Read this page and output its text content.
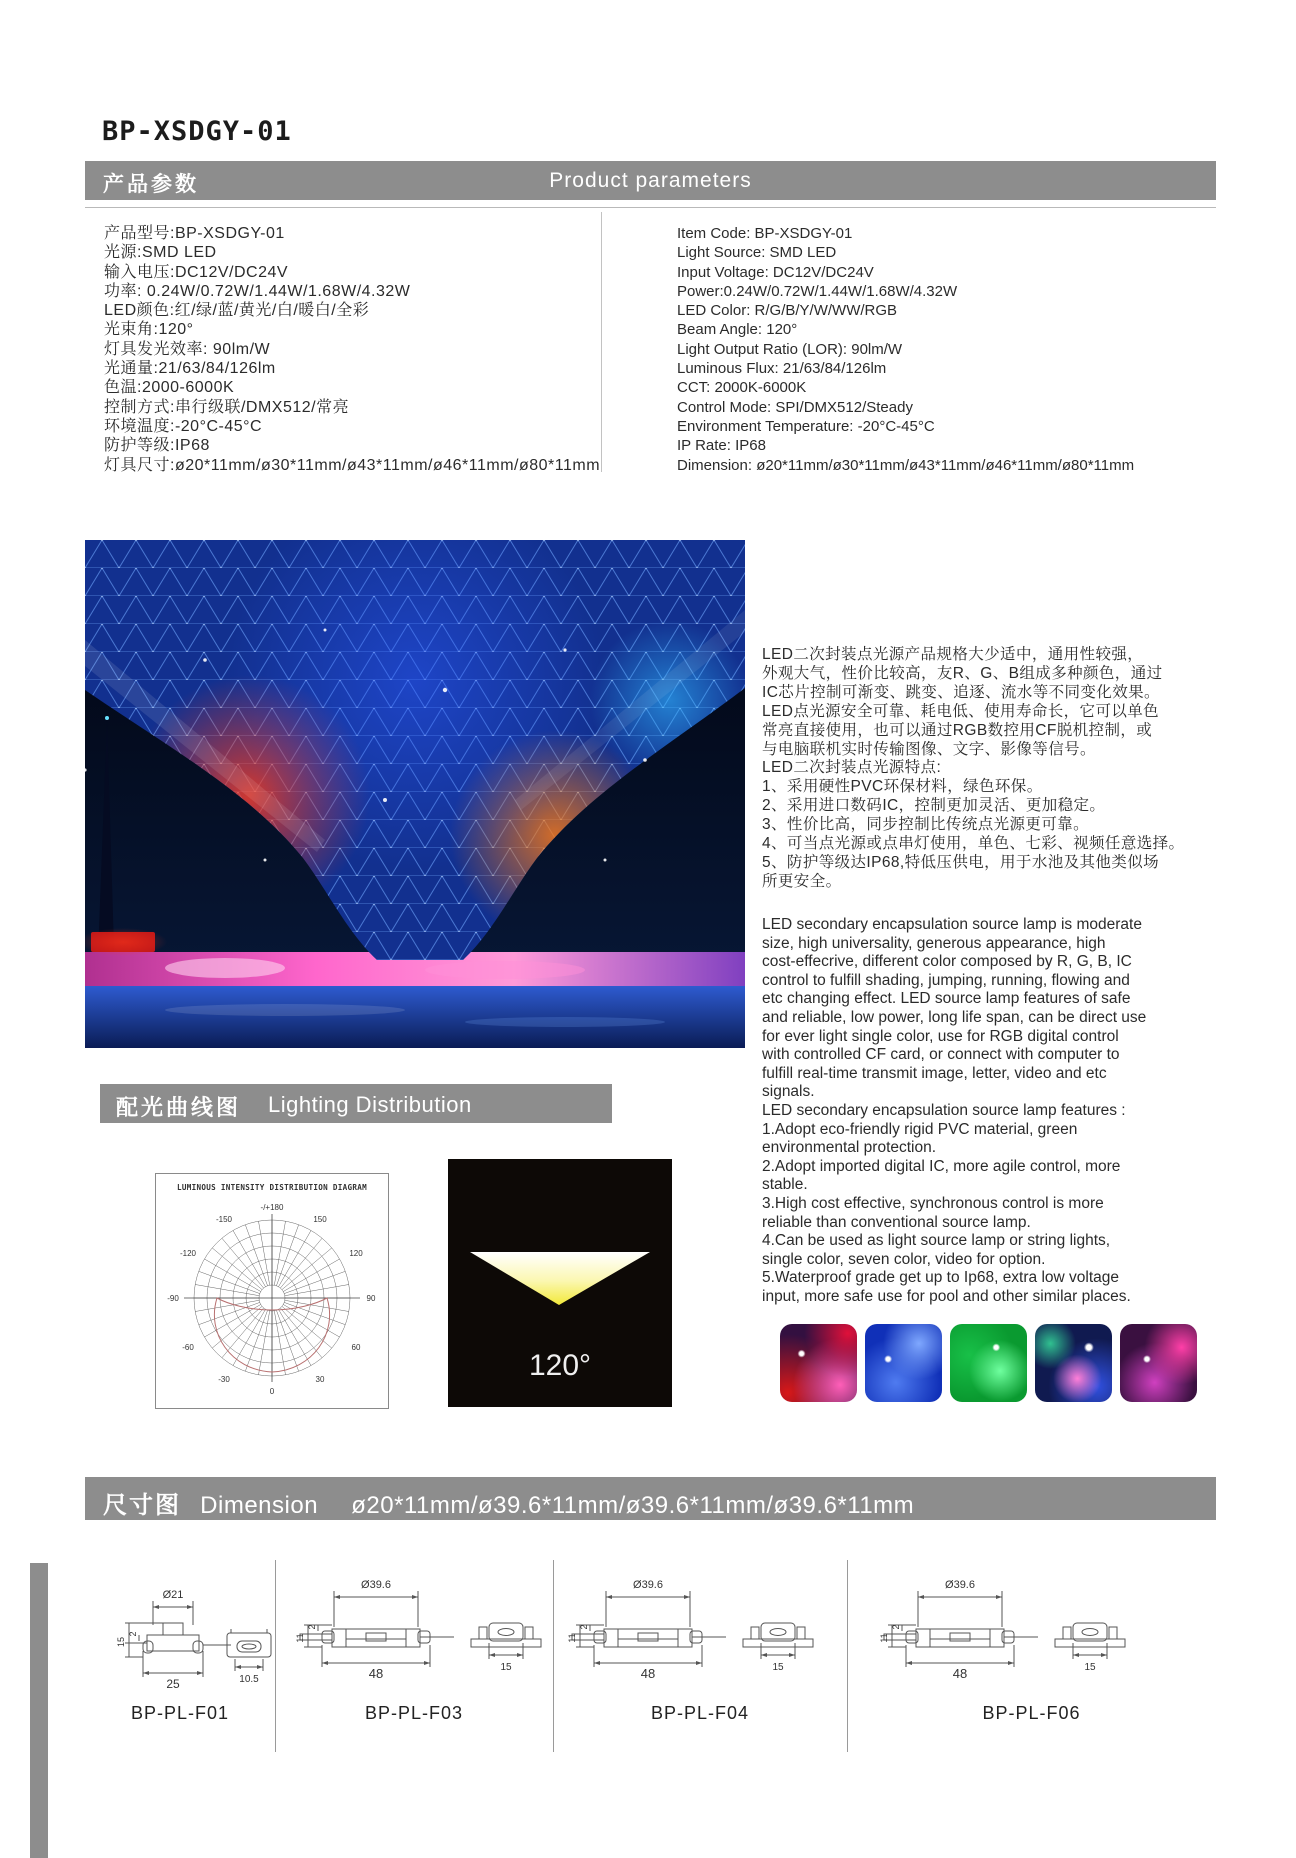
BP-XSDGY-01
产品参数	Product parameters
产品型号:BP-XSDGY-01
光源:SMD LED
输入电压:DC12V/DC24V
功率: 0.24W/0.72W/1.44W/1.68W/4.32W
LED颜色:红/绿/蓝/黄光/白/暖白/全彩
光束角:120°
灯具发光效率: 90lm/W
光通量:21/63/84/126lm
色温:2000-6000K
控制方式:串行级联/DMX512/常亮
环境温度:-20°C-45°C
防护等级:IP68
灯具尺寸:ø20*11mm/ø30*11mm/ø43*11mm/ø46*11mm/ø80*11mm
Item Code: BP-XSDGY-01
Light Source: SMD LED
Input Voltage: DC12V/DC24V
Power:0.24W/0.72W/1.44W/1.68W/4.32W
LED Color: R/G/B/Y/W/WW/RGB
Beam Angle: 120°
Light Output Ratio (LOR): 90lm/W
Luminous Flux: 21/63/84/126lm
CCT: 2000K-6000K
Control Mode: SPI/DMX512/Steady
Environment Temperature: -20°C-45°C
IP Rate: IP68
Dimension: ø20*11mm/ø30*11mm/ø43*11mm/ø46*11mm/ø80*11mm
LED二次封装点光源产品规格大少适中，通用性较强，
外观大气，性价比较高，友R、G、B组成多种颜色，通过
IC芯片控制可渐变、跳变、追逐、流水等不同变化效果。
LED点光源安全可靠、耗电低、使用寿命长，它可以单色
常亮直接使用，也可以通过RGB数控用CF脱机控制，或
与电脑联机实时传输图像、文字、影像等信号。
LED二次封装点光源特点:
1、采用硬性PVC环保材料，绿色环保。
2、采用进口数码IC，控制更加灵活、更加稳定。
3、性价比高，同步控制比传统点光源更可靠。
4、可当点光源或点串灯使用，单色、七彩、视频任意选择。
5、防护等级达IP68,特低压供电，用于水池及其他类似场
所更安全。
LED secondary encapsulation source lamp is moderate
size, high universality, generous appearance, high
cost-effecrive, different color composed by R, G, B, IC
control to fulfill shading, jumping, running, flowing and
etc changing effect. LED source lamp features of safe
and reliable, low power, long life span, can be direct use
for ever light single color, use for RGB digital control
with controlled CF card, or connect with computer to
fulfill real-time transmit image, letter, video and etc
signals.
LED secondary encapsulation source lamp features :
1.Adopt eco-friendly rigid PVC material, green
environmental protection.
2.Adopt imported digital IC, more agile control, more
stable.
3.High cost effective, synchronous control is more
reliable than conventional source lamp.
4.Can be used as light source lamp or string lights,
single color, seven color, video for option.
5.Waterproof grade get up to Ip68, extra low voltage
input, more safe use for pool and other similar places.
配光曲线图 Lighting Distribution
LUMINOUS INTENSITY DISTRIBUTION DIAGRAM
-/+180
-150	150
-120	120
-90	90
-60	60
-30	30
0
120°
尺寸图 Dimension ø20*11mm/ø39.6*11mm/ø39.6*11mm/ø39.6*11mm
Ø21
25	10.5
15
2
BP-PL-F01
Ø39.6
48	15
11
2
BP-PL-F03
Ø39.6
48	15
11
2
BP-PL-F04
Ø39.6
48	15
11
2
BP-PL-F06
